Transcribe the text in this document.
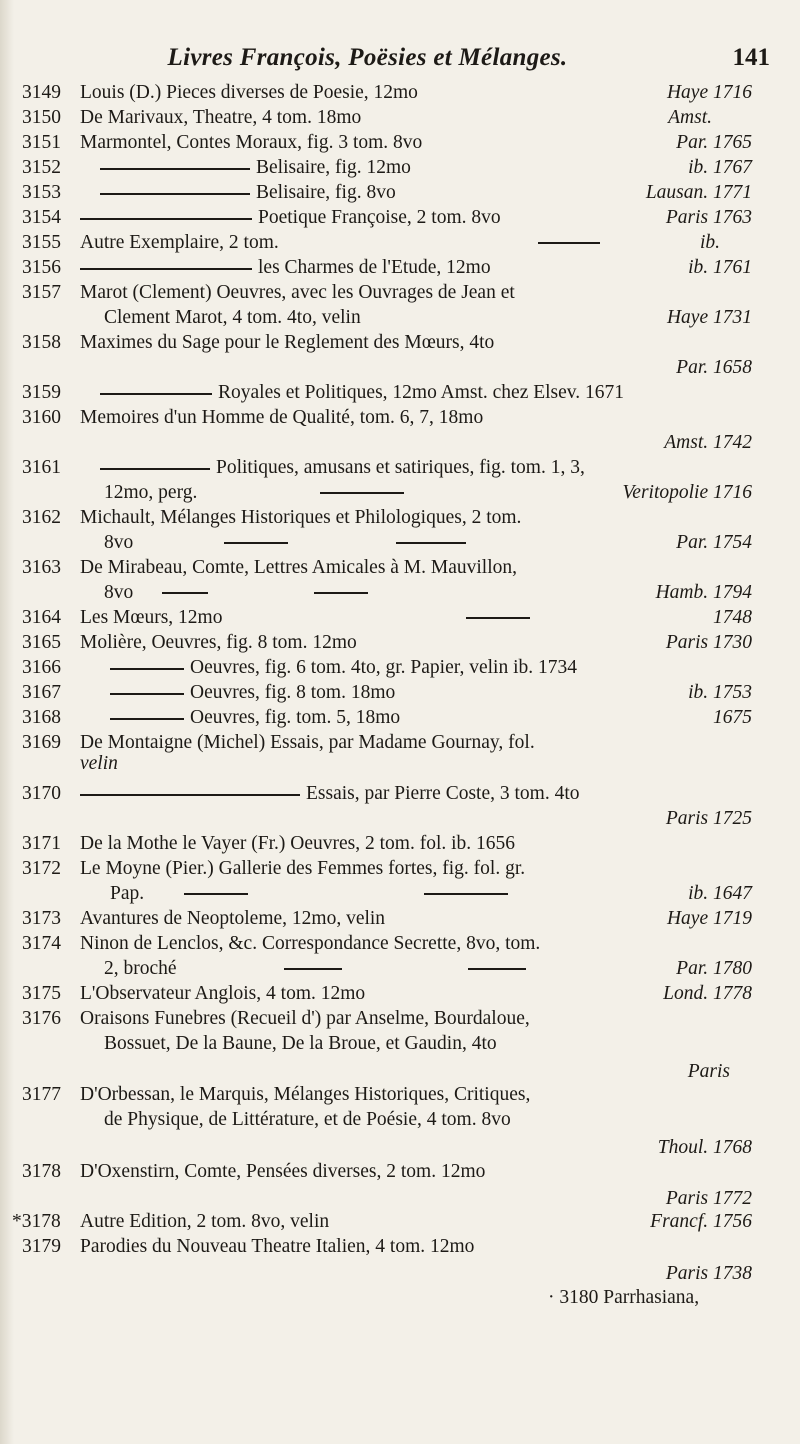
Livres François, Poësies et Mélanges.	141
3149 Louis (D.) Pieces diverses de Poesie, 12mo	Haye 1716
3150 De Marivaux, Theatre, 4 tom. 18mo	Amst.
3151 Marmontel, Contes Moraux, fig. 3 tom. 8vo	Par. 1765
3152	Belisaire, fig. 12mo	ib. 1767
3153	Belisaire, fig. 8vo	Lausan. 1771
3154	Poetique Françoise, 2 tom. 8vo	Paris 1763
3155 Autre Exemplaire, 2 tom.	ib.
3156	les Charmes de l'Etude, 12mo	ib. 1761
3157 Marot (Clement) Oeuvres, avec les Ouvrages de Jean et
Clement Marot, 4 tom. 4to, velin	Haye 1731
3158 Maximes du Sage pour le Reglement des Mœurs, 4to
Par. 1658
3159	Royales et Politiques, 12mo Amst. chez Elsev. 1671
3160 Memoires d'un Homme de Qualité, tom. 6, 7, 18mo
Amst. 1742
3161	Politiques, amusans et satiriques, fig. tom. 1, 3,
12mo, perg.	Veritopolie 1716
3162 Michault, Mélanges Historiques et Philologiques, 2 tom.
8vo	Par. 1754
3163 De Mirabeau, Comte, Lettres Amicales à M. Mauvillon,
8vo	Hamb. 1794
3164 Les Mœurs, 12mo	1748
3165 Molière, Oeuvres, fig. 8 tom. 12mo	Paris 1730
3166	Oeuvres, fig. 6 tom. 4to, gr. Papier, velin ib. 1734
3167	Oeuvres, fig. 8 tom. 18mo	ib. 1753
3168	Oeuvres, fig. tom. 5, 18mo	1675
3169 De Montaigne (Michel) Essais, par Madame Gournay, fol.
velin
3170	Essais, par Pierre Coste, 3 tom. 4to
Paris 1725
3171 De la Mothe le Vayer (Fr.) Oeuvres, 2 tom. fol. ib. 1656
3172 Le Moyne (Pier.) Gallerie des Femmes fortes, fig. fol. gr.
Pap.	ib. 1647
3173 Avantures de Neoptoleme, 12mo, velin	Haye 1719
3174 Ninon de Lenclos, &c. Correspondance Secrette, 8vo, tom.
2, broché	Par. 1780
3175 L'Observateur Anglois, 4 tom. 12mo	Lond. 1778
3176 Oraisons Funebres (Recueil d') par Anselme, Bourdaloue,
Bossuet, De la Baune, De la Broue, et Gaudin, 4to
Paris
3177 D'Orbessan, le Marquis, Mélanges Historiques, Critiques,
de Physique, de Littérature, et de Poésie, 4 tom. 8vo
Thoul. 1768
3178 D'Oxenstirn, Comte, Pensées diverses, 2 tom. 12mo
Paris 1772
*3178 Autre Edition, 2 tom. 8vo, velin	Francf. 1756
3179 Parodies du Nouveau Theatre Italien, 4 tom. 12mo
Paris 1738
· 3180 Parrhasiana,
